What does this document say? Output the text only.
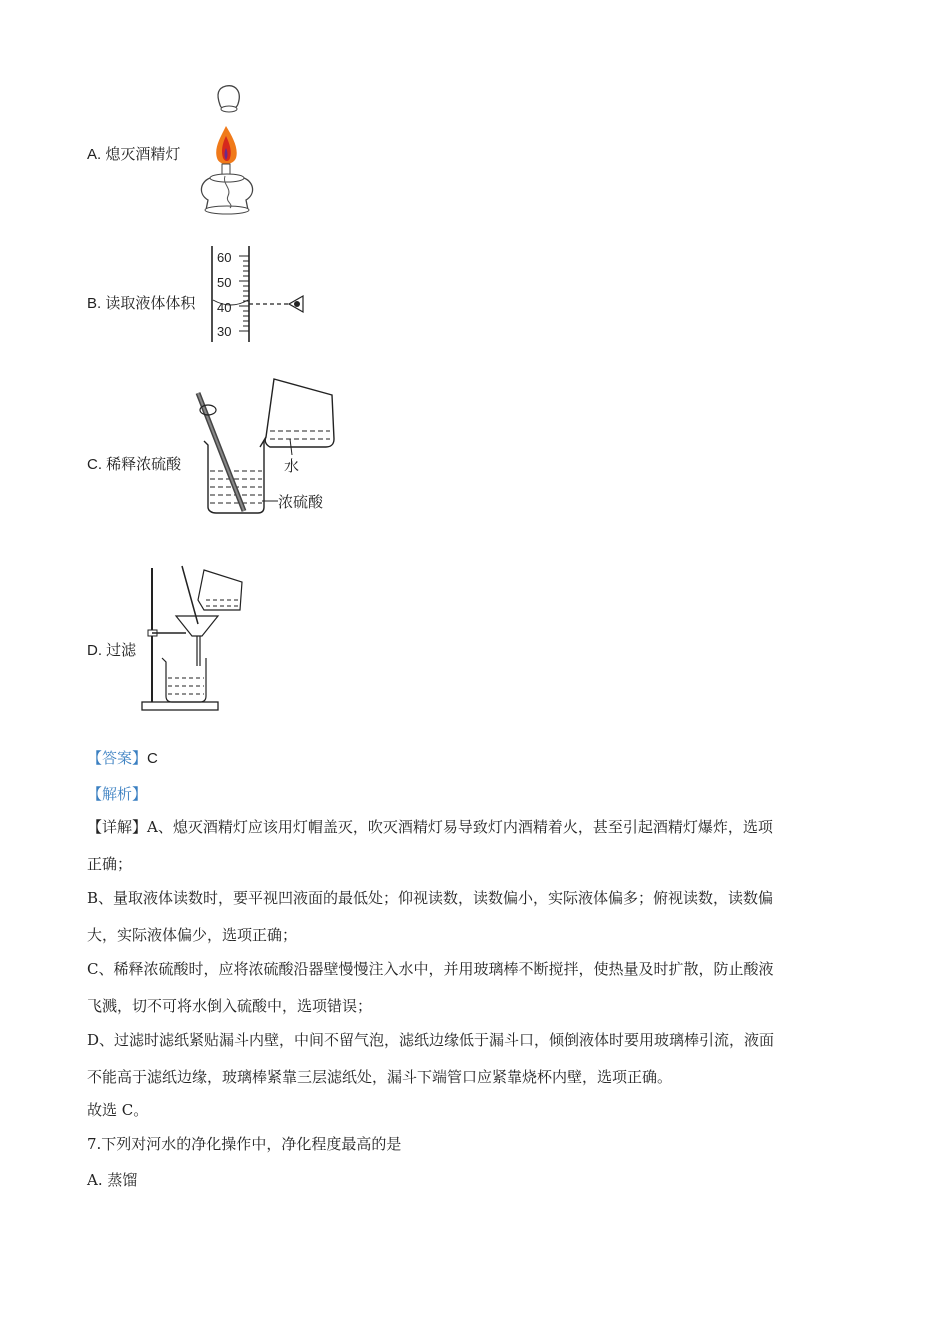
A. 熄灭酒精灯
B. 读取液体体积
60
50
40
30
C. 稀释浓硫酸	水
浓硫酸
D. 过滤
【答案】C
【解析】
【详解】A、熄灭酒精灯应该用灯帽盖灭，吹灭酒精灯易导致灯内酒精着火，甚至引起酒精灯爆炸，选项
正确；
B、量取液体读数时，要平视凹液面的最低处；仰视读数，读数偏小，实际液体偏多；俯视读数，读数偏
大，实际液体偏少，选项正确；
C、稀释浓硫酸时，应将浓硫酸沿器壁慢慢注入水中，并用玻璃棒不断搅拌，使热量及时扩散，防止酸液
飞溅，切不可将水倒入硫酸中，选项错误；
D、过滤时滤纸紧贴漏斗内壁，中间不留气泡，滤纸边缘低于漏斗口，倾倒液体时要用玻璃棒引流，液面
不能高于滤纸边缘，玻璃棒紧靠三层滤纸处，漏斗下端管口应紧靠烧杯内壁，选项正确。
故选 C。
7.下列对河水的净化操作中，净化程度最高的是
A. 蒸馏
